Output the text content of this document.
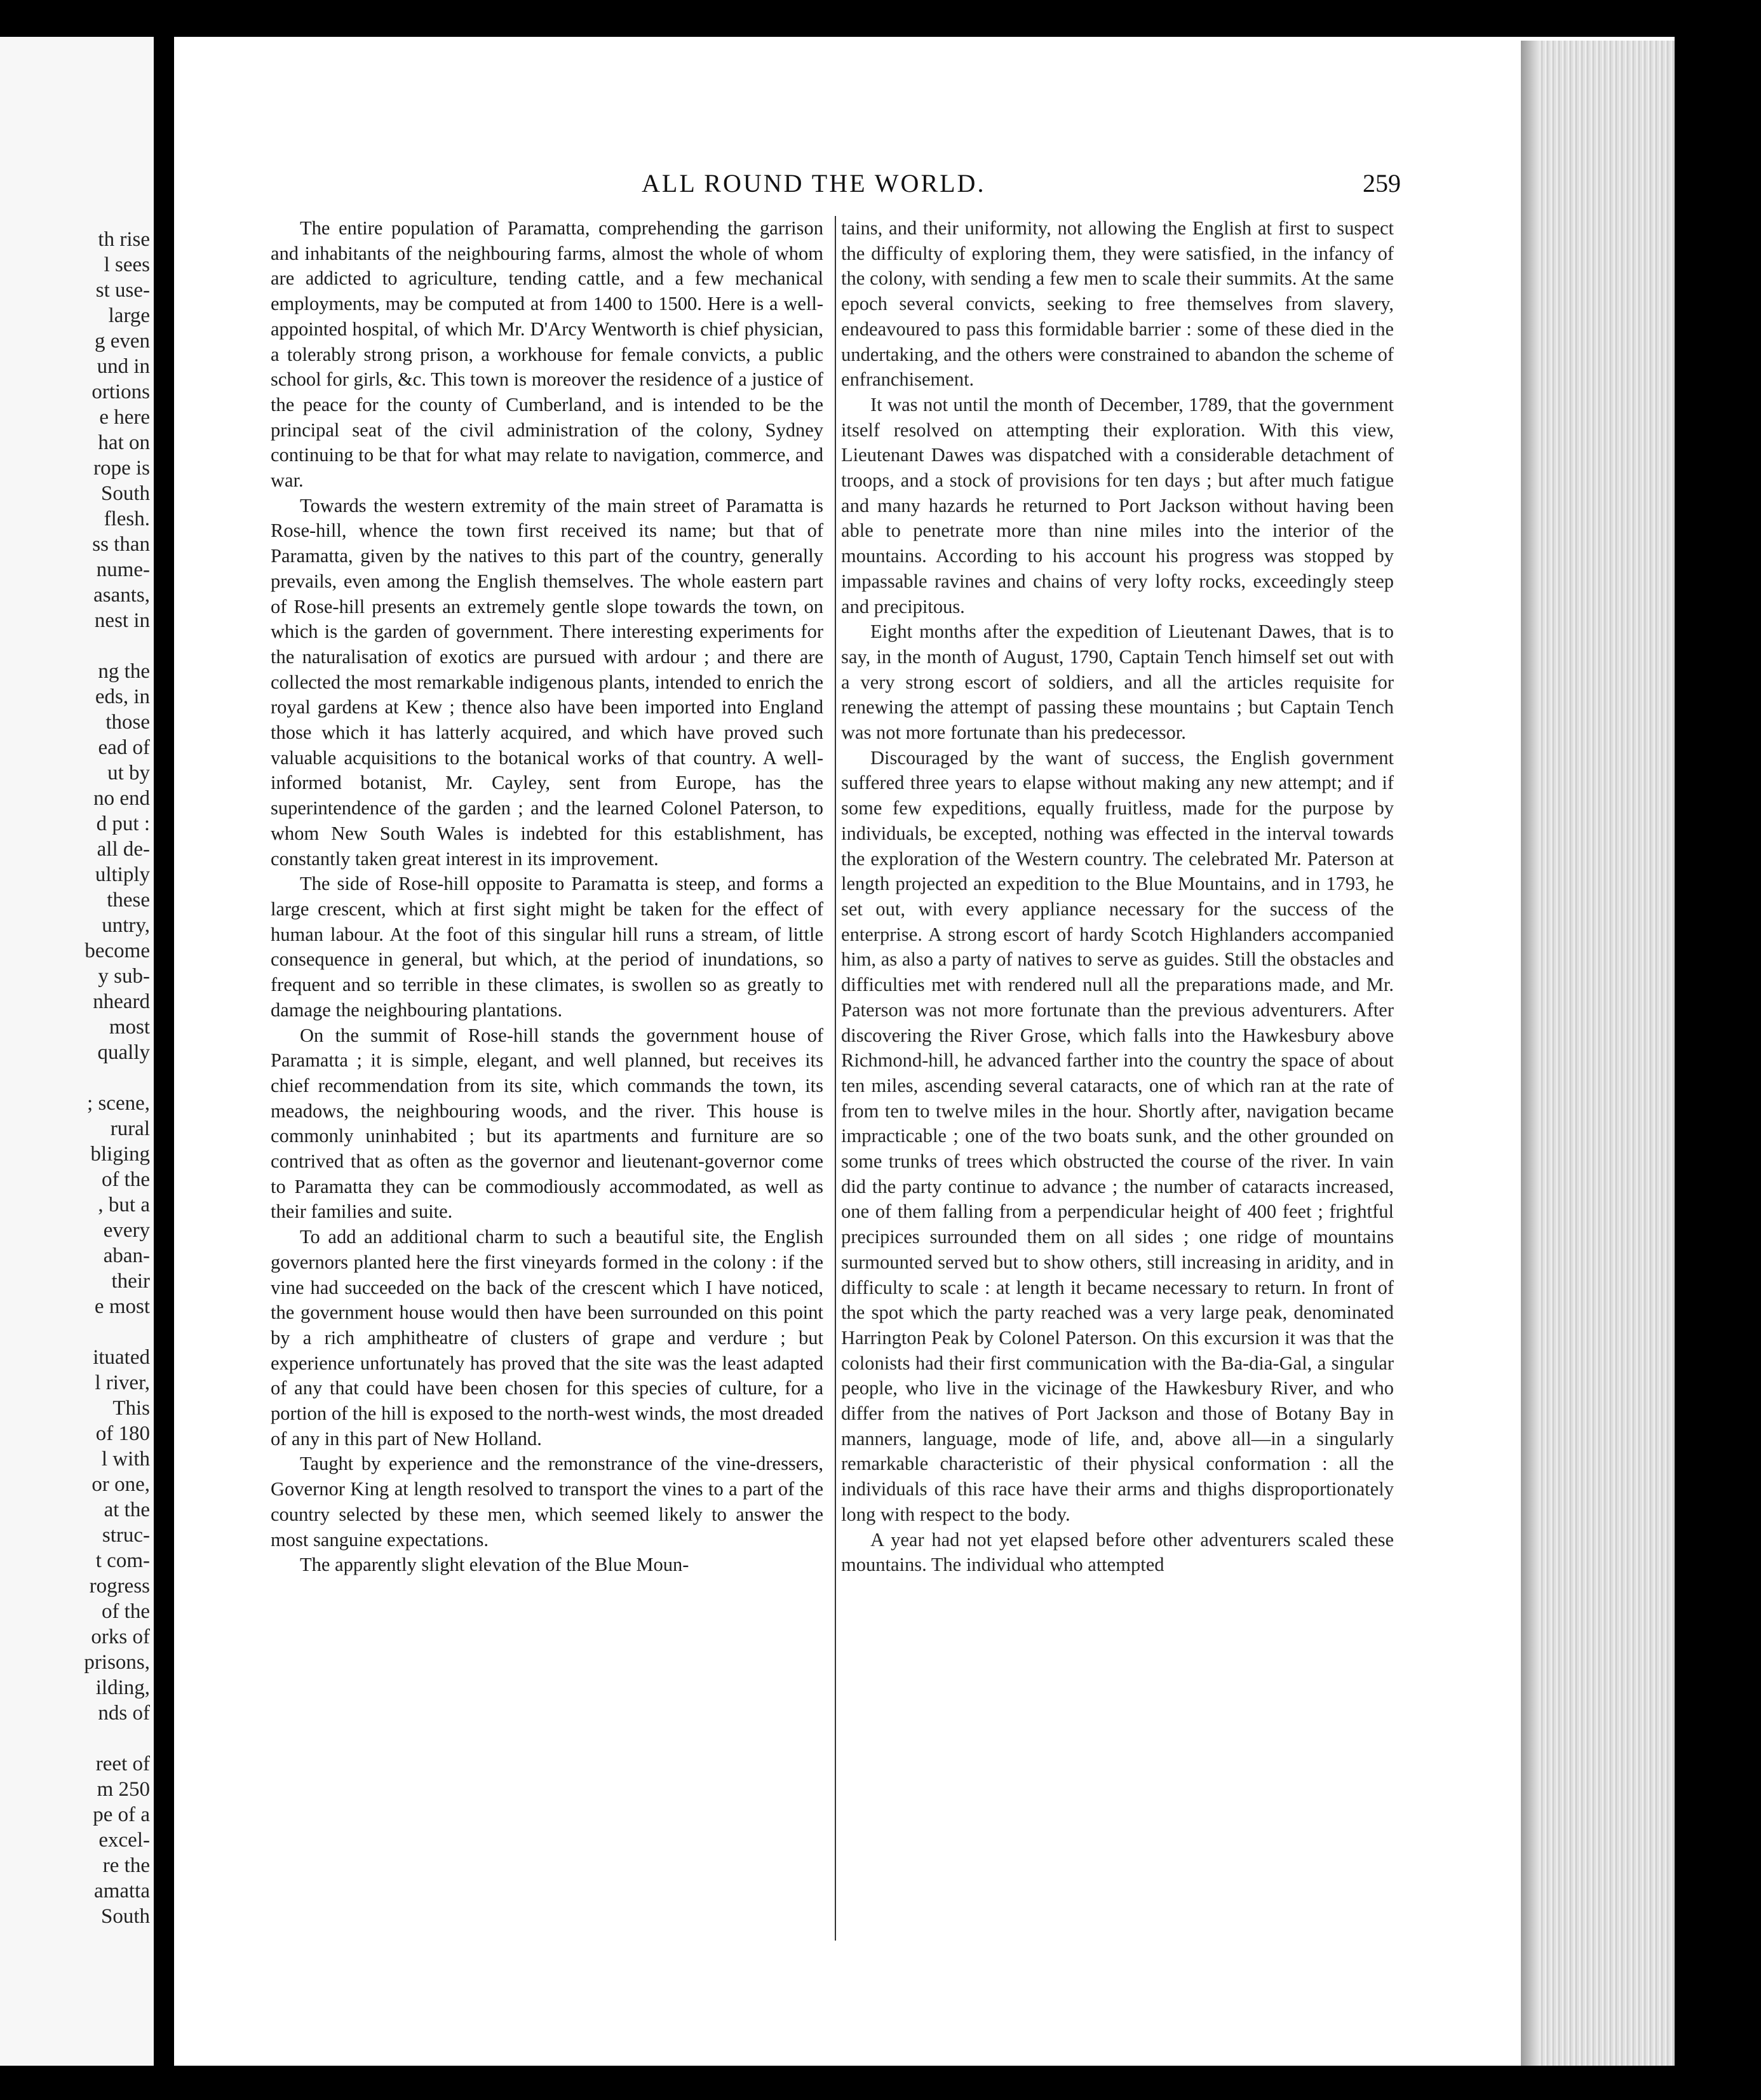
th rise
l sees
st use-
large
g even
und in
ortions
e here
hat on
rope is
South
flesh.
ss than
nume-
asants,
nest in
ng the
eds, in
those
ead of
ut by
no end
d put :
all de-
ultiply
these
untry,
become
y sub-
nheard
most
qually
; scene,
rural
bliging
of the
, but a
every
aban-
their
e most
ituated
l river,
This
of 180
l with
or one,
at the
struc-
t com-
rogress
of the
orks of
prisons,
ilding,
nds of
reet of
m 250
pe of a
excel-
re the
amatta
South
ALL ROUND THE WORLD.	259

The entire population of Paramatta, comprehending the garrison and inhabitants of the neighbouring farms, almost the whole of whom are addicted to agriculture, tending cattle, and a few mechanical employments, may be computed at from 1400 to 1500. Here is a well-appointed hospital, of which Mr. D'Arcy Wentworth is chief physician, a tolerably strong prison, a workhouse for female convicts, a public school for girls, &c. This town is moreover the residence of a justice of the peace for the county of Cumberland, and is intended to be the principal seat of the civil administration of the colony, Sydney continuing to be that for what may relate to navigation, commerce, and war.

Towards the western extremity of the main street of Paramatta is Rose-hill, whence the town first received its name; but that of Paramatta, given by the natives to this part of the country, generally prevails, even among the English themselves. The whole eastern part of Rose-hill presents an extremely gentle slope towards the town, on which is the garden of government. There interesting experiments for the naturalisation of exotics are pursued with ardour ; and there are collected the most remarkable indigenous plants, intended to enrich the royal gardens at Kew ; thence also have been imported into England those which it has latterly acquired, and which have proved such valuable acquisitions to the botanical works of that country. A well-informed botanist, Mr. Cayley, sent from Europe, has the superintendence of the garden ; and the learned Colonel Paterson, to whom New South Wales is indebted for this establishment, has constantly taken great interest in its improvement.

The side of Rose-hill opposite to Paramatta is steep, and forms a large crescent, which at first sight might be taken for the effect of human labour. At the foot of this singular hill runs a stream, of little consequence in general, but which, at the period of inundations, so frequent and so terrible in these climates, is swollen so as greatly to damage the neighbouring plantations.

On the summit of Rose-hill stands the government house of Paramatta ; it is simple, elegant, and well planned, but receives its chief recommendation from its site, which commands the town, its meadows, the neighbouring woods, and the river. This house is commonly uninhabited ; but its apartments and furniture are so contrived that as often as the governor and lieutenant-governor come to Paramatta they can be commodiously accommodated, as well as their families and suite.

To add an additional charm to such a beautiful site, the English governors planted here the first vineyards formed in the colony : if the vine had succeeded on the back of the crescent which I have noticed, the government house would then have been surrounded on this point by a rich amphitheatre of clusters of grape and verdure ; but experience unfortunately has proved that the site was the least adapted of any that could have been chosen for this species of culture, for a portion of the hill is exposed to the north-west winds, the most dreaded of any in this part of New Holland.

Taught by experience and the remonstrance of the vine-dressers, Governor King at length resolved to transport the vines to a part of the country selected by these men, which seemed likely to answer the most sanguine expectations.

The apparently slight elevation of the Blue Moun-

tains, and their uniformity, not allowing the English at first to suspect the difficulty of exploring them, they were satisfied, in the infancy of the colony, with sending a few men to scale their summits. At the same epoch several convicts, seeking to free themselves from slavery, endeavoured to pass this formidable barrier : some of these died in the undertaking, and the others were constrained to abandon the scheme of enfranchisement.

It was not until the month of December, 1789, that the government itself resolved on attempting their exploration. With this view, Lieutenant Dawes was dispatched with a considerable detachment of troops, and a stock of provisions for ten days ; but after much fatigue and many hazards he returned to Port Jackson without having been able to penetrate more than nine miles into the interior of the mountains. According to his account his progress was stopped by impassable ravines and chains of very lofty rocks, exceedingly steep and precipitous.

Eight months after the expedition of Lieutenant Dawes, that is to say, in the month of August, 1790, Captain Tench himself set out with a very strong escort of soldiers, and all the articles requisite for renewing the attempt of passing these mountains ; but Captain Tench was not more fortunate than his predecessor.

Discouraged by the want of success, the English government suffered three years to elapse without making any new attempt; and if some few expeditions, equally fruitless, made for the purpose by individuals, be excepted, nothing was effected in the interval towards the exploration of the Western country. The celebrated Mr. Paterson at length projected an expedition to the Blue Mountains, and in 1793, he set out, with every appliance necessary for the success of the enterprise. A strong escort of hardy Scotch Highlanders accompanied him, as also a party of natives to serve as guides. Still the obstacles and difficulties met with rendered null all the preparations made, and Mr. Paterson was not more fortunate than the previous adventurers. After discovering the River Grose, which falls into the Hawkesbury above Richmond-hill, he advanced farther into the country the space of about ten miles, ascending several cataracts, one of which ran at the rate of from ten to twelve miles in the hour. Shortly after, navigation became impracticable ; one of the two boats sunk, and the other grounded on some trunks of trees which obstructed the course of the river. In vain did the party continue to advance ; the number of cataracts increased, one of them falling from a perpendicular height of 400 feet ; frightful precipices surrounded them on all sides ; one ridge of mountains surmounted served but to show others, still increasing in aridity, and in difficulty to scale : at length it became necessary to return. In front of the spot which the party reached was a very large peak, denominated Harrington Peak by Colonel Paterson. On this excursion it was that the colonists had their first communication with the Ba-dia-Gal, a singular people, who live in the vicinage of the Hawkesbury River, and who differ from the natives of Port Jackson and those of Botany Bay in manners, language, mode of life, and, above all—in a singularly remarkable characteristic of their physical conformation : all the individuals of this race have their arms and thighs disproportionately long with respect to the body.

A year had not yet elapsed before other adventurers scaled these mountains. The individual who attempted
